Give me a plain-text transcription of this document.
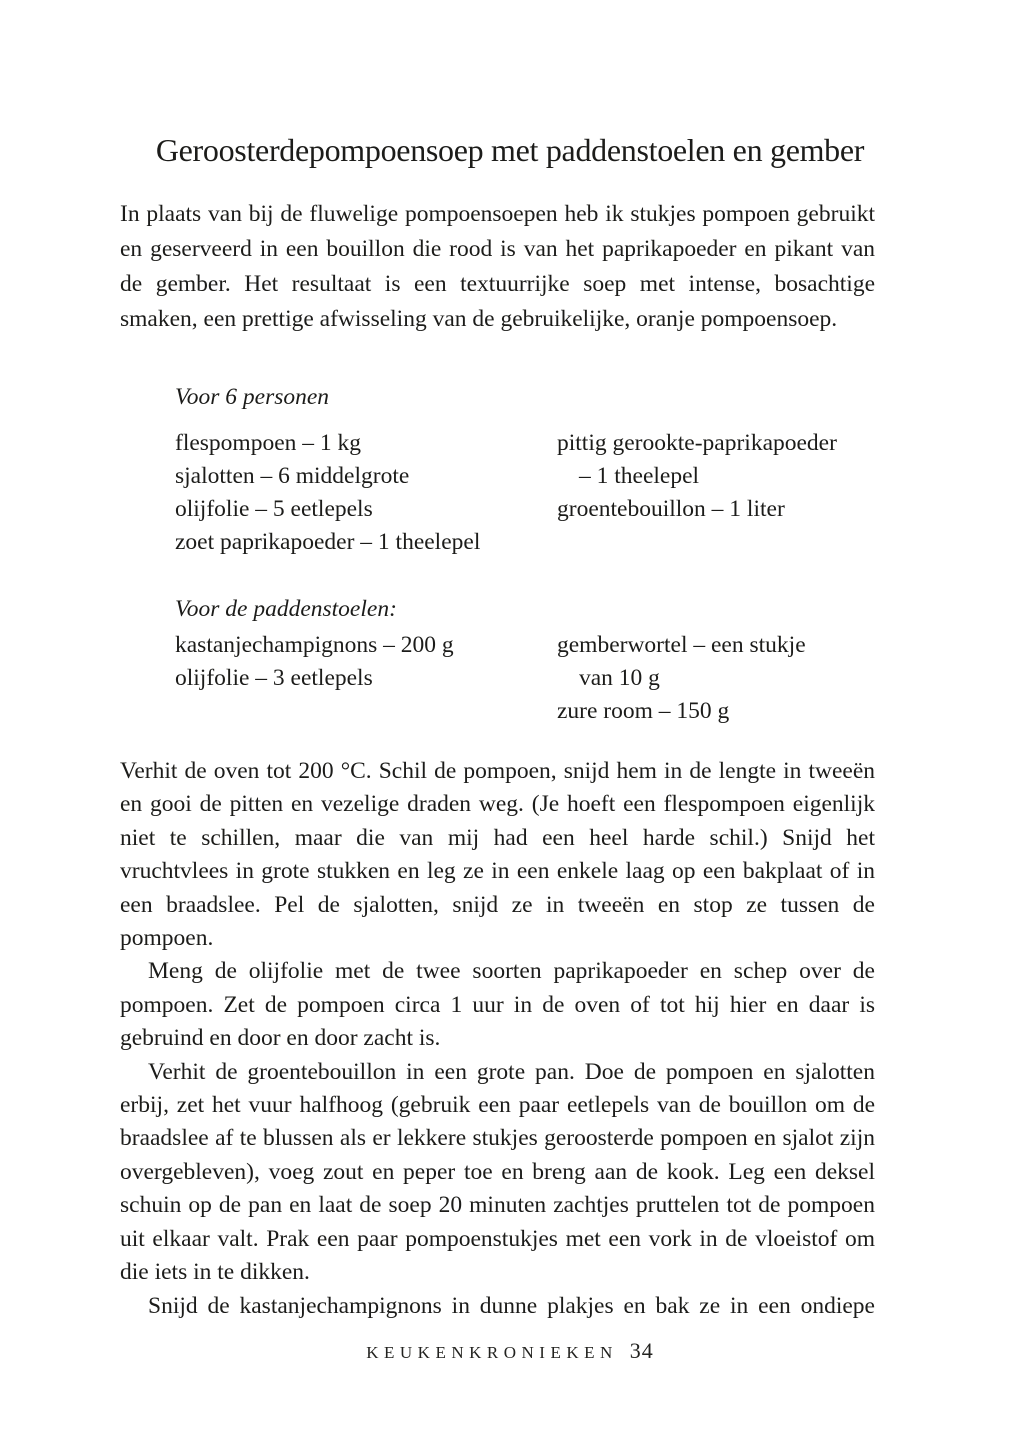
Geroosterdepompoensoep met paddenstoelen en gember

In plaats van bij de fluwelige pompoensoepen heb ik stukjes pompoen gebruikt en geserveerd in een bouillon die rood is van het paprikapoeder en pikant van de gember. Het resultaat is een textuurrijke soep met intense, bosachtige smaken, een prettige afwisseling van de gebruikelijke, oranje pompoensoep.

Voor 6 personen

flespompoen – 1 kg
sjalotten – 6 middelgrote
olijfolie – 5 eetlepels
zoet paprikapoeder – 1 theelepel
pittig gerookte-paprikapoeder
– 1 theelepel
groentebouillon – 1 liter

Voor de paddenstoelen:

kastanjechampignons – 200 g
olijfolie – 3 eetlepels
gemberwortel – een stukje
van 10 g
zure room – 150 g

Verhit de oven tot 200 °C. Schil de pompoen, snijd hem in de lengte in tweeën en gooi de pitten en vezelige draden weg. (Je hoeft een flespompoen eigenlijk niet te schillen, maar die van mij had een heel harde schil.) Snijd het vruchtvlees in grote stukken en leg ze in een enkele laag op een bakplaat of in een braadslee. Pel de sjalotten, snijd ze in tweeën en stop ze tussen de pompoen.

Meng de olijfolie met de twee soorten paprikapoeder en schep over de pompoen. Zet de pompoen circa 1 uur in de oven of tot hij hier en daar is gebruind en door en door zacht is.

Verhit de groentebouillon in een grote pan. Doe de pompoen en sjalotten erbij, zet het vuur halfhoog (gebruik een paar eetlepels van de bouillon om de braadslee af te blussen als er lekkere stukjes geroosterde pompoen en sjalot zijn overgebleven), voeg zout en peper toe en breng aan de kook. Leg een deksel schuin op de pan en laat de soep 20 minuten zachtjes pruttelen tot de pompoen uit elkaar valt. Prak een paar pompoenstukjes met een vork in de vloeistof om die iets in te dikken.

Snijd de kastanjechampignons in dunne plakjes en bak ze in een ondiepe

KEUKENKRONIEKEN 34
